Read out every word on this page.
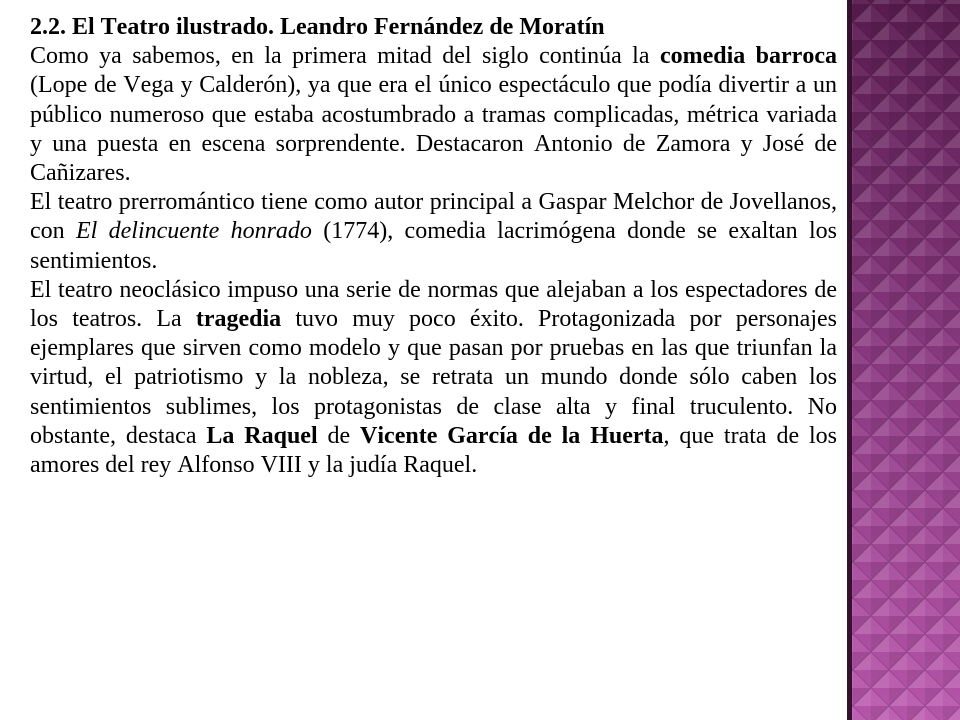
2.2. El Teatro ilustrado. Leandro Fernández de Moratín

Como ya sabemos, en la primera mitad del siglo continúa la comedia barroca (Lope de Vega y Calderón), ya que era el único espectáculo que podía divertir a un público numeroso que estaba acostumbrado a tramas complicadas, métrica variada y una puesta en escena sorprendente. Destacaron Antonio de Zamora y José de Cañizares.

El teatro prerromántico tiene como autor principal a Gaspar Melchor de Jovellanos, con El delincuente honrado (1774), comedia lacrimógena donde se exaltan los sentimientos.

El teatro neoclásico impuso una serie de normas que alejaban a los espectadores de los teatros. La tragedia tuvo muy poco éxito. Protagonizada por personajes ejemplares que sirven como modelo y que pasan por pruebas en las que triunfan la virtud, el patriotismo y la nobleza, se retrata un mundo donde sólo caben los sentimientos sublimes, los protagonistas de clase alta y final truculento. No obstante, destaca La Raquel de Vicente García de la Huerta, que trata de los amores del rey Alfonso VIII y la judía Raquel.
